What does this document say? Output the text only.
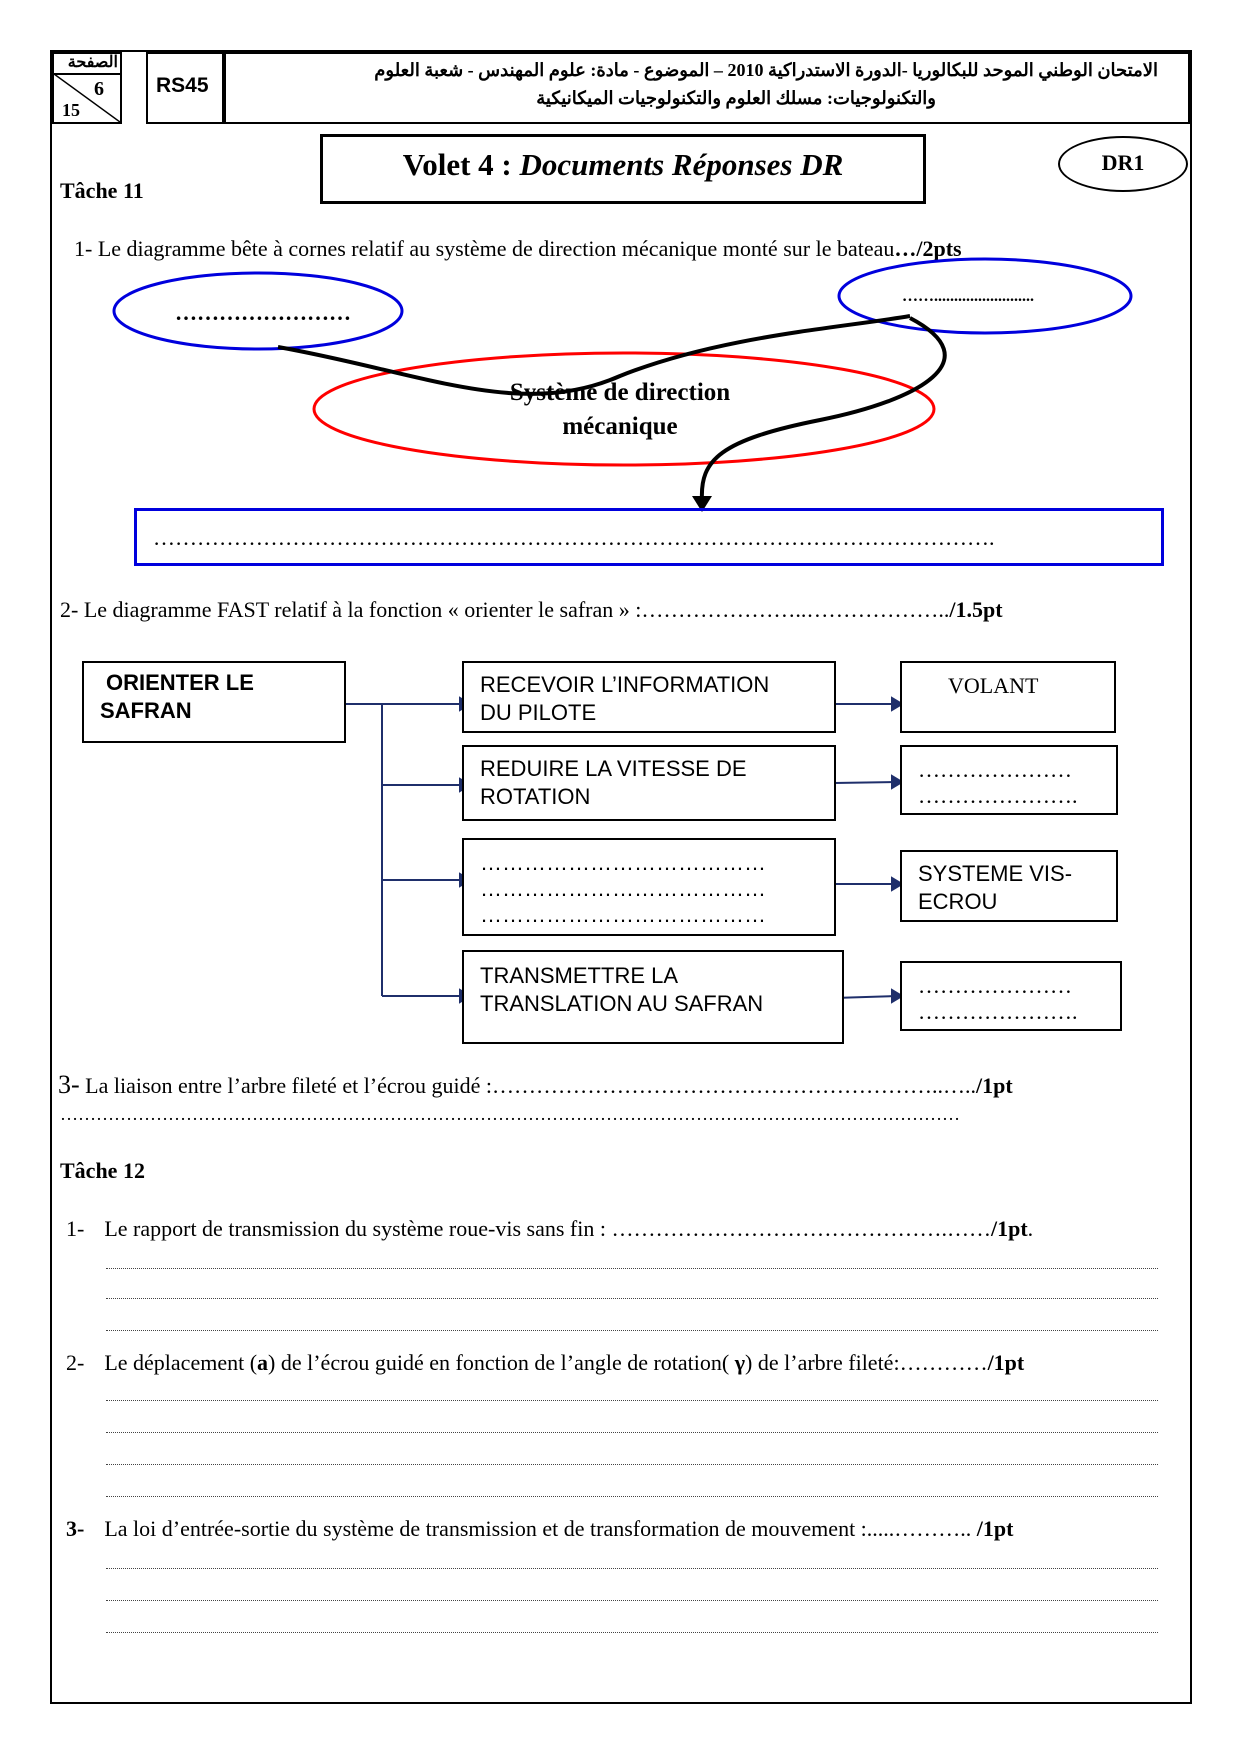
الصفحة
6
15
RS45
الامتحان الوطني الموحد للبكالوريا -الدورة الاستدراكية 2010 – الموضوع - مادة: علوم المهندس - شعبة العلوم
والتكنولوجيات: مسلك العلوم والتكنولوجيات الميكانيكية
Volet 4 : Documents Réponses DR	DR1
Tâche 11
1- Le diagramme bête à cornes relatif au système de direction mécanique monté sur le bateau…/2pts
……………………
…….........................
Système de direction
mécanique
…………………………………………………………………………………………………….
2- Le diagramme FAST relatif à la fonction « orienter le safran » :…………………..………………../1.5pt
ORIENTER LE
SAFRAN
RECEVOIR L’INFORMATION
DU PILOTE
REDUIRE LA VITESSE DE
ROTATION
…………………………………
…………………………………
…………………………………
TRANSMETTRE LA
TRANSLATION AU SAFRAN
VOLANT
…………………
………………….
SYSTEME VIS-
ECROU
…………………
………………….
3- La liaison entre l’arbre fileté et l’écrou guidé :……………………………………………………..…../1pt
……………………………………………………………………………………………………………………………………
Tâche 12
1- Le rapport de transmission du système roue-vis sans fin : ……………………………………….……/1pt.
2- Le déplacement (a) de l’écrou guidé en fonction de l’angle de rotation( γ) de l’arbre fileté:…………/1pt
3- La loi d’entrée-sortie du système de transmission et de transformation de mouvement :.....……….. /1pt
